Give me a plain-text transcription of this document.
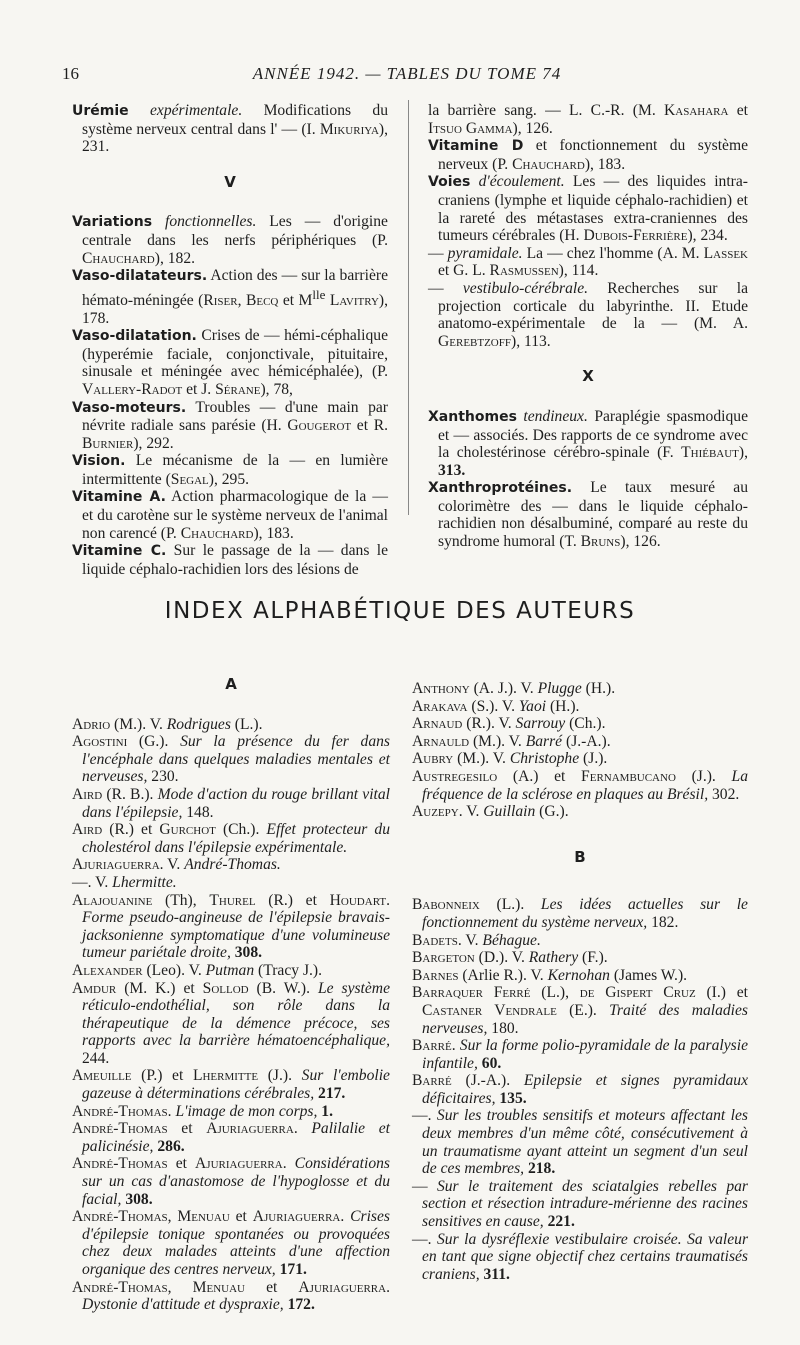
16	ANNÉE 1942. — TABLES DU TOME 74

Urémie expérimentale. Modifications du système nerveux central dans l' — (I. Mikuriya), 231.

V

Variations fonctionnelles. Les — d'origine centrale dans les nerfs périphériques (P. Chauchard), 182.

Vaso-dilatateurs. Action des — sur la barrière hémato-méningée (Riser, Becq et $M^{lle}$ Lavitry), 178.

Vaso-dilatation. Crises de — hémi-céphalique (hyperémie faciale, conjonctivale, pituitaire, sinusale et méningée avec hémicéphalée), (P. Vallery-Radot et J. Sérane), 78,

Vaso-moteurs. Troubles — d'une main par névrite radiale sans parésie (H. Gougerot et R. Burnier), 292.

Vision. Le mécanisme de la — en lumière intermittente (Segal), 295.

Vitamine A. Action pharmacologique de la — et du carotène sur le système nerveux de l'animal non carencé (P. Chauchard), 183.

Vitamine C. Sur le passage de la — dans le liquide céphalo-rachidien lors des lésions de

la barrière sang. — L. C.-R. (M. Kasahara et Itsuo Gamma), 126.

Vitamine D et fonctionnement du système nerveux (P. Chauchard), 183.

Voies d'écoulement. Les — des liquides intra-craniens (lymphe et liquide céphalo-rachidien) et la rareté des métastases extra-craniennes des tumeurs cérébrales (H. Dubois-Ferrière), 234.

— pyramidale. La — chez l'homme (A. M. Lassek et G. L. Rasmussen), 114.

— vestibulo-cérébrale. Recherches sur la projection corticale du labyrinthe. II. Etude anatomo-expérimentale de la — (M. A. Gerebtzoff), 113.

X

Xanthomes tendineux. Paraplégie spasmodique et — associés. Des rapports de ce syndrome avec la cholestérinose cérébro-spinale (F. Thiébaut), 313.

Xanthroprotéines. Le taux mesuré au colorimètre des — dans le liquide céphalo-rachidien non désalbuminé, comparé au reste du syndrome humoral (T. Bruns), 126.

INDEX ALPHABÉTIQUE DES AUTEURS
A

Adrio (M.). V. Rodrigues (L.).

Agostini (G.). Sur la présence du fer dans l'encéphale dans quelques maladies mentales et nerveuses, 230.

Aird (R. B.). Mode d'action du rouge brillant vital dans l'épilepsie, 148.

Aird (R.) et Gurchot (Ch.). Effet protecteur du cholestérol dans l'épilepsie expérimentale.

Ajuriaguerra. V. André-Thomas.

—. V. Lhermitte.

Alajouanine (Th), Thurel (R.) et Houdart. Forme pseudo-angineuse de l'épilepsie bravais-jacksonienne symptomatique d'une volumineuse tumeur pariétale droite, 308.

Alexander (Leo). V. Putman (Tracy J.).

Amdur (M. K.) et Sollod (B. W.). Le système réticulo-endothélial, son rôle dans la thérapeutique de la démence précoce, ses rapports avec la barrière hématoencéphalique, 244.

Ameuille (P.) et Lhermitte (J.). Sur l'embolie gazeuse à déterminations cérébrales, 217.

André-Thomas. L'image de mon corps, 1.

André-Thomas et Ajuriaguerra. Palilalie et palicinésie, 286.

André-Thomas et Ajuriaguerra. Considérations sur un cas d'anastomose de l'hypoglosse et du facial, 308.

André-Thomas, Menuau et Ajuriaguerra. Crises d'épilepsie tonique spontanées ou provoquées chez deux malades atteints d'une affection organique des centres nerveux, 171.

André-Thomas, Menuau et Ajuriaguerra. Dystonie d'attitude et dyspraxie, 172.

Anthony (A. J.). V. Plugge (H.).

Arakava (S.). V. Yaoi (H.).

Arnaud (R.). V. Sarrouy (Ch.).

Arnauld (M.). V. Barré (J.-A.).

Aubry (M.). V. Christophe (J.).

Austregesilo (A.) et Fernambucano (J.). La fréquence de la sclérose en plaques au Brésil, 302.

Auzepy. V. Guillain (G.).

B

Babonneix (L.). Les idées actuelles sur le fonctionnement du système nerveux, 182.

Badets. V. Béhague.

Bargeton (D.). V. Rathery (F.).

Barnes (Arlie R.). V. Kernohan (James W.).

Barraquer Ferré (L.), de Gispert Cruz (I.) et Castaner Vendrale (E.). Traité des maladies nerveuses, 180.

Barré. Sur la forme polio-pyramidale de la paralysie infantile, 60.

Barré (J.-A.). Epilepsie et signes pyramidaux déficitaires, 135.

—. Sur les troubles sensitifs et moteurs affectant les deux membres d'un même côté, consécutivement à un traumatisme ayant atteint un segment d'un seul de ces membres, 218.

— Sur le traitement des sciatalgies rebelles par section et résection intradure-mérienne des racines sensitives en cause, 221.

—. Sur la dysréflexie vestibulaire croisée. Sa valeur en tant que signe objectif chez certains traumatisés craniens, 311.
